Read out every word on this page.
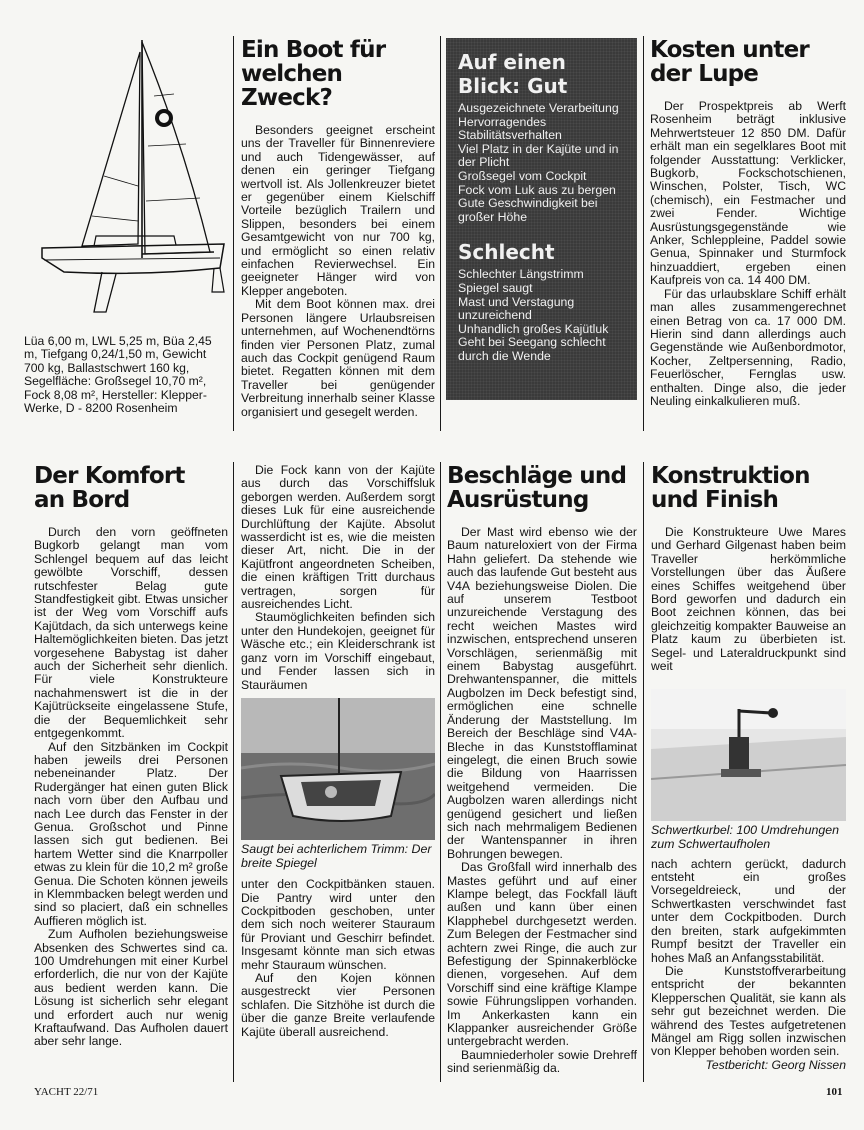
Lüa 6,00 m, LWL 5,25 m, Büa 2,45 m, Tiefgang 0,24/1,50 m, Gewicht 700 kg, Ballastschwert 160 kg, Segelfläche: Großsegel 10,70 m², Fock 8,08 m², Hersteller: Klepper-Werke, D - 8200 Rosenheim

Ein Boot für
welchen Zweck?

Besonders geeignet erscheint uns der Traveller für Binnenreviere und auch Tidengewässer, auf denen ein geringer Tiefgang wertvoll ist. Als Jollenkreuzer bietet er gegenüber einem Kielschiff Vorteile bezüglich Trailern und Slippen, besonders bei einem Gesamtgewicht von nur 700 kg, und ermöglicht so einen relativ einfachen Revierwechsel. Ein geeigneter Hänger wird von Klepper angeboten.

Mit dem Boot können max. drei Personen längere Urlaubsreisen unternehmen, auf Wochenendtörns finden vier Personen Platz, zumal auch das Cockpit genügend Raum bietet. Regatten können mit dem Traveller bei genügender Verbreitung innerhalb seiner Klasse organisiert und gesegelt werden.

Auf einen Blick: Gut

Ausgezeichnete Verarbeitung

Hervorragendes Stabilitätsverhalten

Viel Platz in der Kajüte und in der Plicht

Großsegel vom Cockpit

Fock vom Luk aus zu bergen

Gute Geschwindigkeit bei großer Höhe

Schlecht

Schlechter Längstrimm

Spiegel saugt

Mast und Verstagung unzureichend

Unhandlich großes Kajütluk

Geht bei Seegang schlecht durch die Wende

Kosten unter
der Lupe

Der Prospektpreis ab Werft Rosenheim beträgt inklusive Mehrwertsteuer 12 850 DM. Dafür erhält man ein segelklares Boot mit folgender Ausstattung: Verklicker, Bugkorb, Fockschotschienen, Winschen, Polster, Tisch, WC (chemisch), ein Festmacher und zwei Fender. Wichtige Ausrüstungsgegenstände wie Anker, Schleppleine, Paddel sowie Genua, Spinnaker und Sturmfock hinzuaddiert, ergeben einen Kaufpreis von ca. 14 400 DM.

Für das urlaubsklare Schiff erhält man alles zusammengerechnet einen Betrag von ca. 17 000 DM. Hierin sind dann allerdings auch Gegenstände wie Außenbordmotor, Kocher, Zeltpersenning, Radio, Feuerlöscher, Fernglas usw. enthalten. Dinge also, die jeder Neuling einkalkulieren muß.

Der Komfort
an Bord

Durch den vorn geöffneten Bugkorb gelangt man vom Schlengel bequem auf das leicht gewölbte Vorschiff, dessen rutschfester Belag gute Standfestigkeit gibt. Etwas unsicher ist der Weg vom Vorschiff aufs Kajütdach, da sich unterwegs keine Haltemöglichkeiten bieten. Das jetzt vorgesehene Babystag ist daher auch der Sicherheit sehr dienlich. Für viele Konstrukteure nachahmenswert ist die in der Kajütrückseite eingelassene Stufe, die der Bequemlichkeit sehr entgegenkommt.

Auf den Sitzbänken im Cockpit haben jeweils drei Personen nebeneinander Platz. Der Rudergänger hat einen guten Blick nach vorn über den Aufbau und nach Lee durch das Fenster in der Genua. Großschot und Pinne lassen sich gut bedienen. Bei hartem Wetter sind die Knarrpoller etwas zu klein für die 10,2 m² große Genua. Die Schoten können jeweils in Klemmbacken belegt werden und sind so placiert, daß ein schnelles Auffieren möglich ist.

Zum Aufholen beziehungsweise Absenken des Schwertes sind ca. 100 Umdrehungen mit einer Kurbel erforderlich, die nur von der Kajüte aus bedient werden kann. Die Lösung ist sicherlich sehr elegant und erfordert auch nur wenig Kraftaufwand. Das Aufholen dauert aber sehr lange.

Die Fock kann von der Kajüte aus durch das Vorschiffsluk geborgen werden. Außerdem sorgt dieses Luk für eine ausreichende Durchlüftung der Kajüte. Absolut wasserdicht ist es, wie die meisten dieser Art, nicht. Die in der Kajütfront angeordneten Scheiben, die einen kräftigen Tritt durchaus vertragen, sorgen für ausreichendes Licht.

Staumöglichkeiten befinden sich unter den Hundekojen, geeignet für Wäsche etc.; ein Kleiderschrank ist ganz vorn im Vorschiff eingebaut, und Fender lassen sich in Stauräumen

Saugt bei achterlichem Trimm: Der breite Spiegel

unter den Cockpitbänken stauen. Die Pantry wird unter den Cockpitboden geschoben, unter dem sich noch weiterer Stauraum für Proviant und Geschirr befindet. Insgesamt könnte man sich etwas mehr Stauraum wünschen.

Auf den Kojen können ausgestreckt vier Personen schlafen. Die Sitzhöhe ist durch die über die ganze Breite verlaufende Kajüte überall ausreichend.

Beschläge und
Ausrüstung

Der Mast wird ebenso wie der Baum natureloxiert von der Firma Hahn geliefert. Da stehende wie auch das laufende Gut besteht aus V4A beziehungsweise Diolen. Die auf unserem Testboot unzureichende Verstagung des recht weichen Mastes wird inzwischen, entsprechend unseren Vorschlägen, serienmäßig mit einem Babystag ausgeführt. Drehwantenspanner, die mittels Augbolzen im Deck befestigt sind, ermöglichen eine schnelle Änderung der Maststellung. Im Bereich der Beschläge sind V4A-Bleche in das Kunststofflaminat eingelegt, die einen Bruch sowie die Bildung von Haarrissen weitgehend vermeiden. Die Augbolzen waren allerdings nicht genügend gesichert und ließen sich nach mehrmaligem Bedienen der Wantenspanner in ihren Bohrungen bewegen.

Das Großfall wird innerhalb des Mastes geführt und auf einer Klampe belegt, das Fockfall läuft außen und kann über einen Klapphebel durchgesetzt werden. Zum Belegen der Festmacher sind achtern zwei Ringe, die auch zur Befestigung der Spinnakerblöcke dienen, vorgesehen. Auf dem Vorschiff sind eine kräftige Klampe sowie Führungslippen vorhanden. Im Ankerkasten kann ein Klappanker ausreichender Größe untergebracht werden.

Baumniederholer sowie Drehreff sind serienmäßig da.

Konstruktion
und Finish

Die Konstrukteure Uwe Mares und Gerhard Gilgenast haben beim Traveller herkömmliche Vorstellungen über das Äußere eines Schiffes weitgehend über Bord geworfen und dadurch ein Boot zeichnen können, das bei gleichzeitig kompakter Bauweise an Platz kaum zu überbieten ist. Segel- und Lateraldruckpunkt sind weit

Schwertkurbel: 100 Umdrehungen zum Schwertaufholen

nach achtern gerückt, dadurch entsteht ein großes Vorsegeldreieck, und der Schwertkasten verschwindet fast unter dem Cockpitboden. Durch den breiten, stark aufgekimmten Rumpf besitzt der Traveller ein hohes Maß an Anfangsstabilität.

Die Kunststoffverarbeitung entspricht der bekannten Klepperschen Qualität, sie kann als sehr gut bezeichnet werden. Die während des Testes aufgetretenen Mängel am Rigg sollen inzwischen von Klepper behoben worden sein.

Testbericht: Georg Nissen

YACHT 22/71	101
